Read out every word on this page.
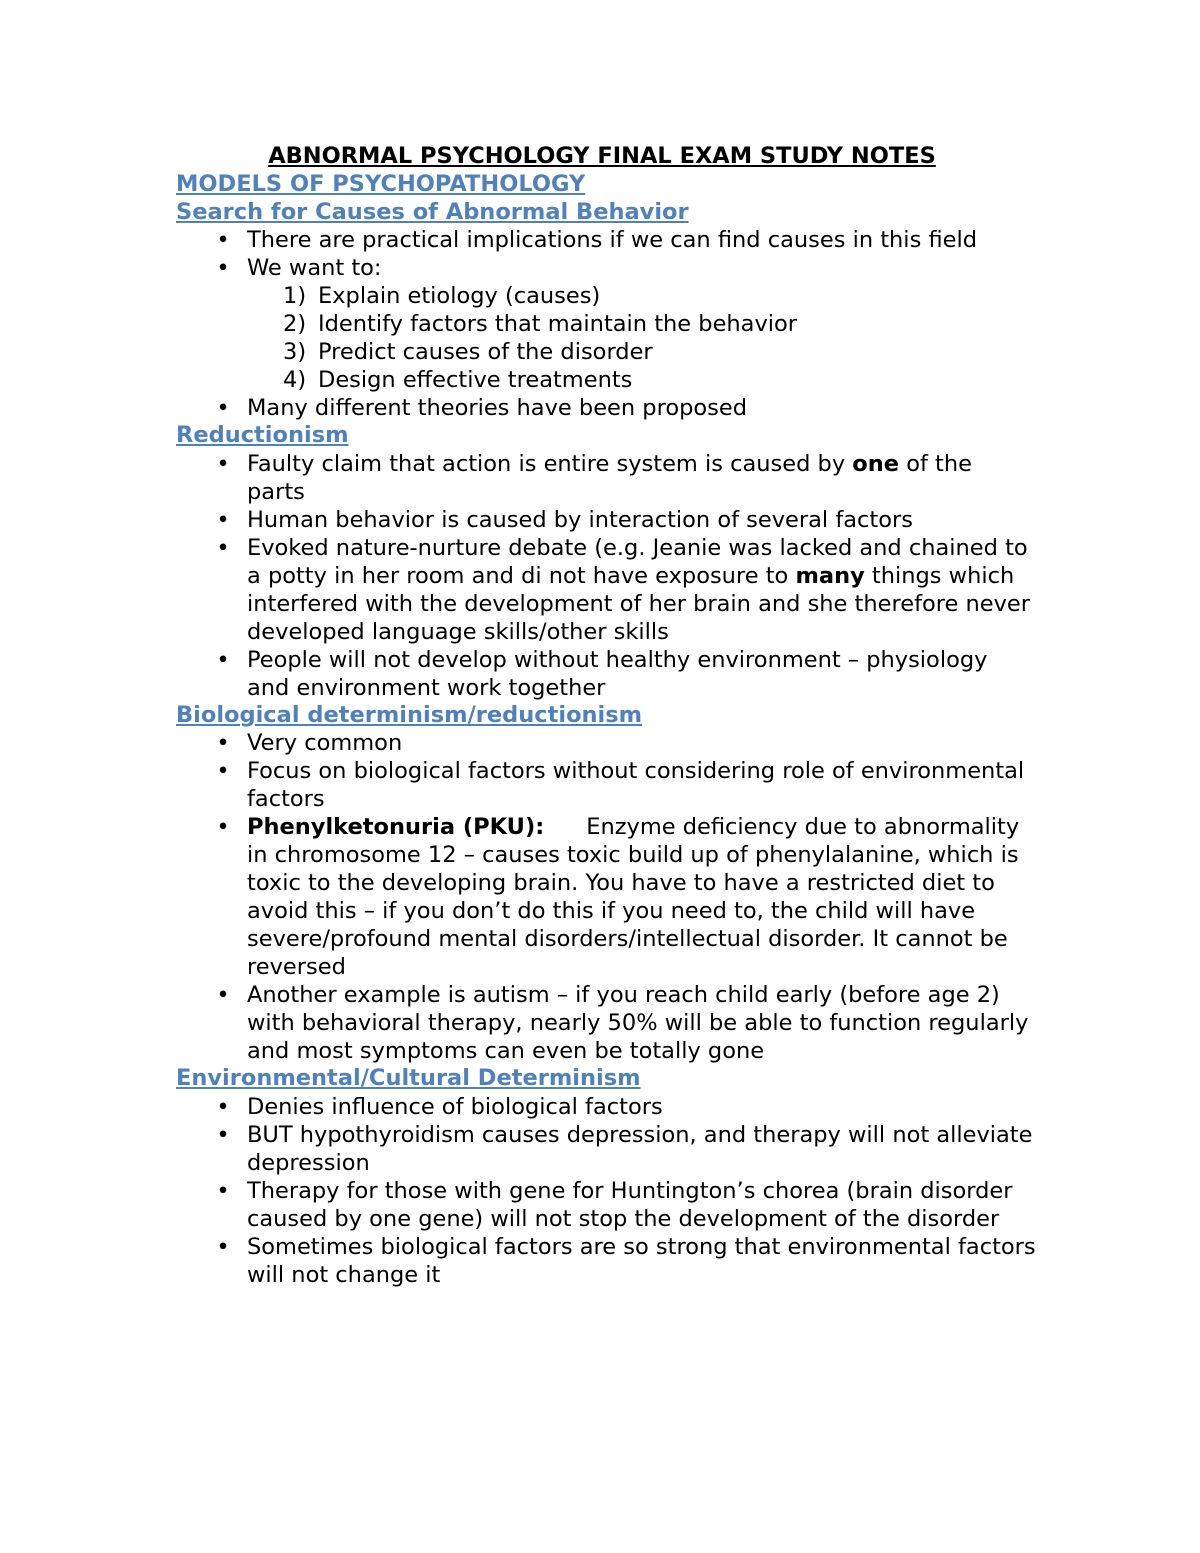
ABNORMAL PSYCHOLOGY FINAL EXAM STUDY NOTES
MODELS OF PSYCHOPATHOLOGY
Search for Causes of Abnormal Behavior
• There are practical implications if we can find causes in this field
• We want to:
1) Explain etiology (causes)
2) Identify factors that maintain the behavior
3) Predict causes of the disorder
4) Design effective treatments
• Many different theories have been proposed
Reductionism
• Faulty claim that action is entire system is caused by one of the parts
• Human behavior is caused by interaction of several factors
• Evoked nature-nurture debate (e.g. Jeanie was lacked and chained to a potty in her room and di not have exposure to many things which interfered with the development of her brain and she therefore never developed language skills/other skills
• People will not develop without healthy environment – physiology and environment work together
Biological determinism/reductionism
• Very common
• Focus on biological factors without considering role of environmental factors
• Phenylketonuria (PKU): Enzyme deficiency due to abnormality in chromosome 12 – causes toxic build up of phenylalanine, which is toxic to the developing brain. You have to have a restricted diet to avoid this – if you don’t do this if you need to, the child will have severe/profound mental disorders/intellectual disorder. It cannot be reversed
• Another example is autism – if you reach child early (before age 2) with behavioral therapy, nearly 50% will be able to function regularly and most symptoms can even be totally gone
Environmental/Cultural Determinism
• Denies influence of biological factors
• BUT hypothyroidism causes depression, and therapy will not alleviate depression
• Therapy for those with gene for Huntington’s chorea (brain disorder caused by one gene) will not stop the development of the disorder
• Sometimes biological factors are so strong that environmental factors will not change it
